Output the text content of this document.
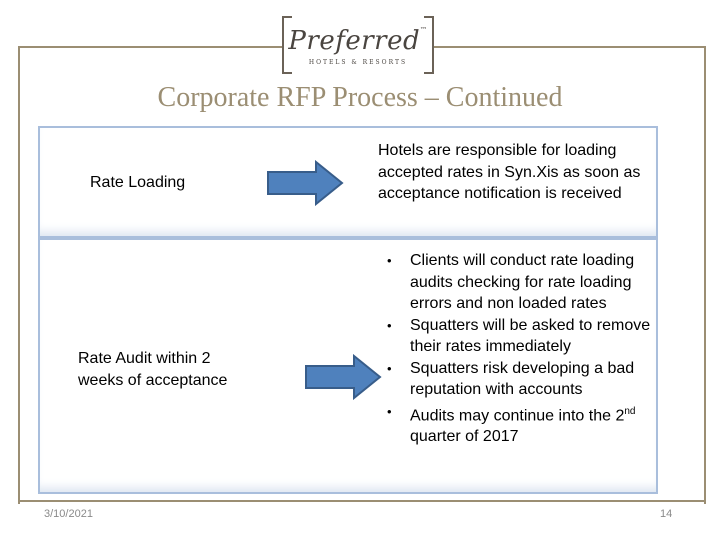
Preferred™
HOTELS & RESORTS
Corporate RFP Process – Continued
Rate Loading
Hotels are responsible for loading accepted rates in Syn.Xis as soon as acceptance notification is received
Rate Audit within 2 weeks of acceptance
• Clients will conduct rate loading audits checking for rate loading errors and non loaded rates
• Squatters will be asked to remove their rates immediately
• Squatters risk developing a bad reputation with accounts
• Audits may continue into the 2nd quarter of 2017
3/10/2021	14
